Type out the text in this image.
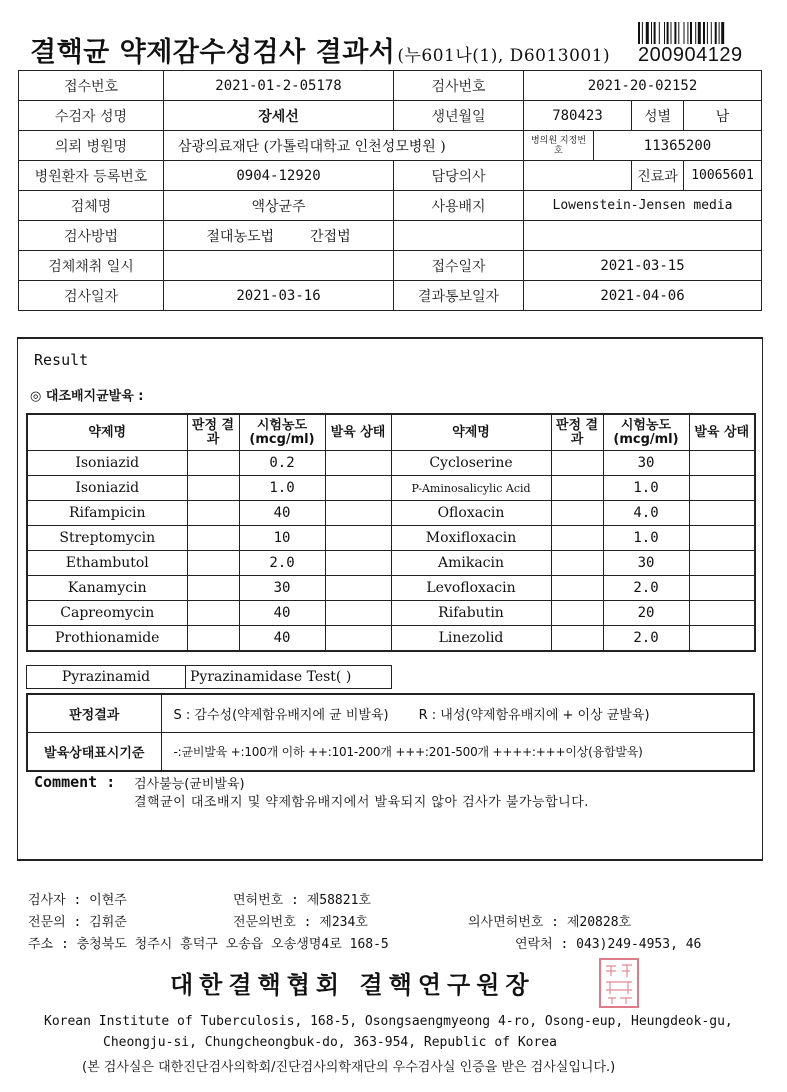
결핵균 약제감수성검사 결과서 (누601나(1), D6013001) 200904129
접수번호	2021-01-2-05178	검사번호	2021-20-02152			
수검자 성명	장세선	생년월일	780423		성별	남
의뢰 병원명	삼광의료재단 (가톨릭대학교 인천성모병원 )		병의원 지정번호	11365200		
병원환자 등록번호	0904-12920	담당의사			진료과	10065601
검체명	액상균주	사용배지	Lowenstein-Jensen media			
검사방법	절대농도법 간접법					
검체채취 일시		접수일자	2021-03-15			
검사일자	2021-03-16	결과통보일자	2021-04-06			
Result
◎ 대조배지균발육 :
약제명	판정 결과	시험농도 (mcg/ml)	발육 상태	약제명	판정 결과	시험농도 (mcg/ml)	발육 상태
Isoniazid		0.2		Cycloserine		30	
Isoniazid		1.0		P-Aminosalicylic Acid		1.0	
Rifampicin		40		Ofloxacin		4.0	
Streptomycin		10		Moxifloxacin		1.0	
Ethambutol		2.0		Amikacin		30	
Kanamycin		30		Levofloxacin		2.0	
Capreomycin		40		Rifabutin		20	
Prothionamide		40		Linezolid		2.0	
Pyrazinamid	Pyrazinamidase Test( )
판정결과	S : 감수성(약제함유배지에 균 비발육) R : 내성(약제함유배지에 + 이상 균발육)
발육상태표시기준	-:균비발육 +:100개 이하 ++:101-200개 +++:201-500개 ++++:+++이상(융합발육)
Comment : 검사불능(균비발육)
결핵균이 대조배지 및 약제함유배지에서 발육되지 않아 검사가 불가능합니다.
검사자 : 이현주	면허번호 : 제58821호
전문의 : 김휘준	전문의번호 : 제234호	의사면허번호 : 제20828호
주소 : 충청북도 청주시 흥덕구 오송읍 오송생명4로 168-5	연락처 : 043)249-4953, 46
대한결핵협회 결핵연구원장
Korean Institute of Tuberculosis, 168-5, Osongsaengmyeong 4-ro, Osong-eup, Heungdeok-gu,
Cheongju-si, Chungcheongbuk-do, 363-954, Republic of Korea
(본 검사실은 대한진단검사의학회/진단검사의학재단의 우수검사실 인증을 받은 검사실입니다.)
